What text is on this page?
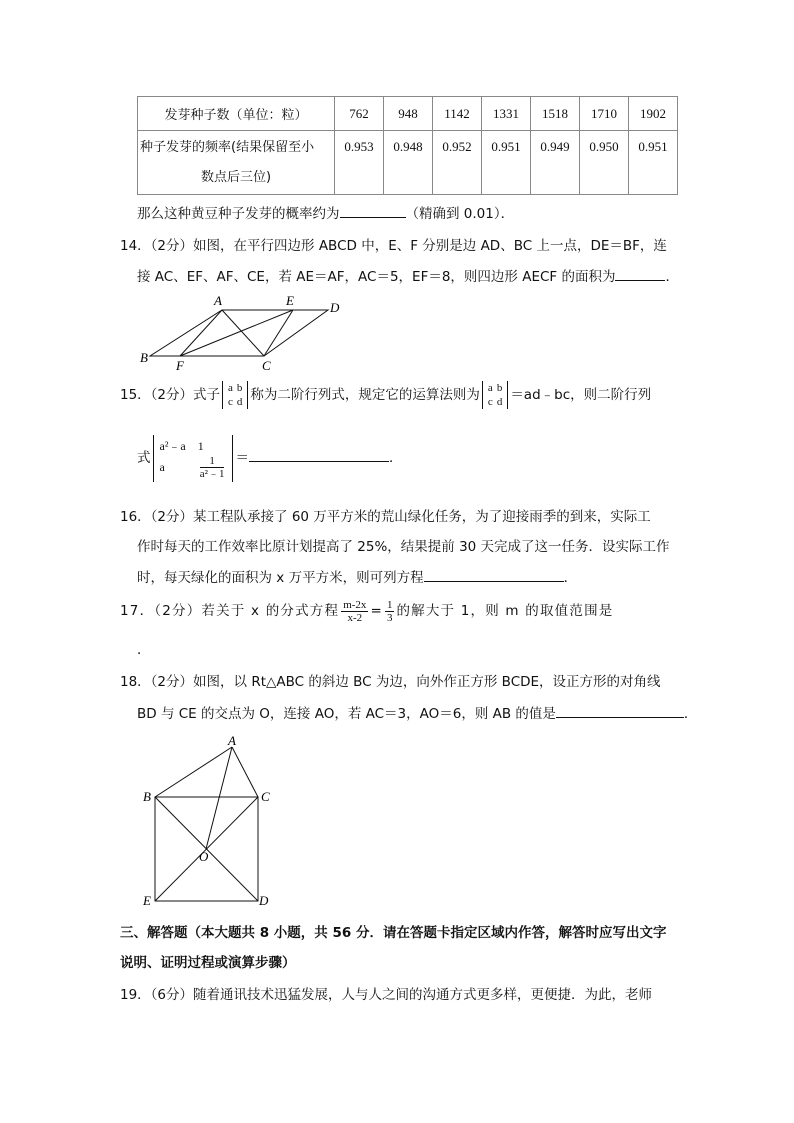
发芽种子数（单位：粒）	762	948	1142	1331	1518	1710	1902

种子发芽的频率(结果保留至小
数点后三位)	0.953	0.948	0.952	0.951	0.949	0.950	0.951
那么这种黄豆种子发芽的概率约为	（精确到 0.01）．
14．（2分）如图，在平行四边形 ABCD 中，E、F 分别是边 AD、BC 上一点，DE＝BF，连
接 AC、EF、AF、CE，若 AE＝AF，AC＝5，EF＝8，则四边形 AECF 的面积为	．
A	E	D
B
F	C
15．（2分）式子 a	b
c	d 称为二阶行列式，规定它的运算法则为 a	b
c	d ＝ad﹣bc，则二阶行列
式
a²﹣a	1
a	$\frac{1}{\text{a²﹣1}}$ ＝	．
16．（2分）某工程队承接了 60 万平方米的荒山绿化任务，为了迎接雨季的到来，实际工
作时每天的工作效率比原计划提高了 25%，结果提前 30 天完成了这一任务．设实际工作
时，每天绿化的面积为 x 万平方米，则可列方程	．
17．（2分）若关于 x 的分式方程 $\frac{m-2x}{x-2} = \frac{1}{3}$ 的解大于 1，则 m 的取值范围是
．
18．（2分）如图，以 Rt△ABC 的斜边 BC 为边，向外作正方形 BCDE，设正方形的对角线
BD 与 CE 的交点为 O，连接 AO，若 AC＝3，AO＝6，则 AB 的值是	．
A
B	C
O
E	D
三、解答题（本大题共 8 小题，共 56 分．请在答题卡指定区域内作答，解答时应写出文字
说明、证明过程或演算步骤）
19．（6分）随着通讯技术迅猛发展，人与人之间的沟通方式更多样，更便捷．为此，老师
